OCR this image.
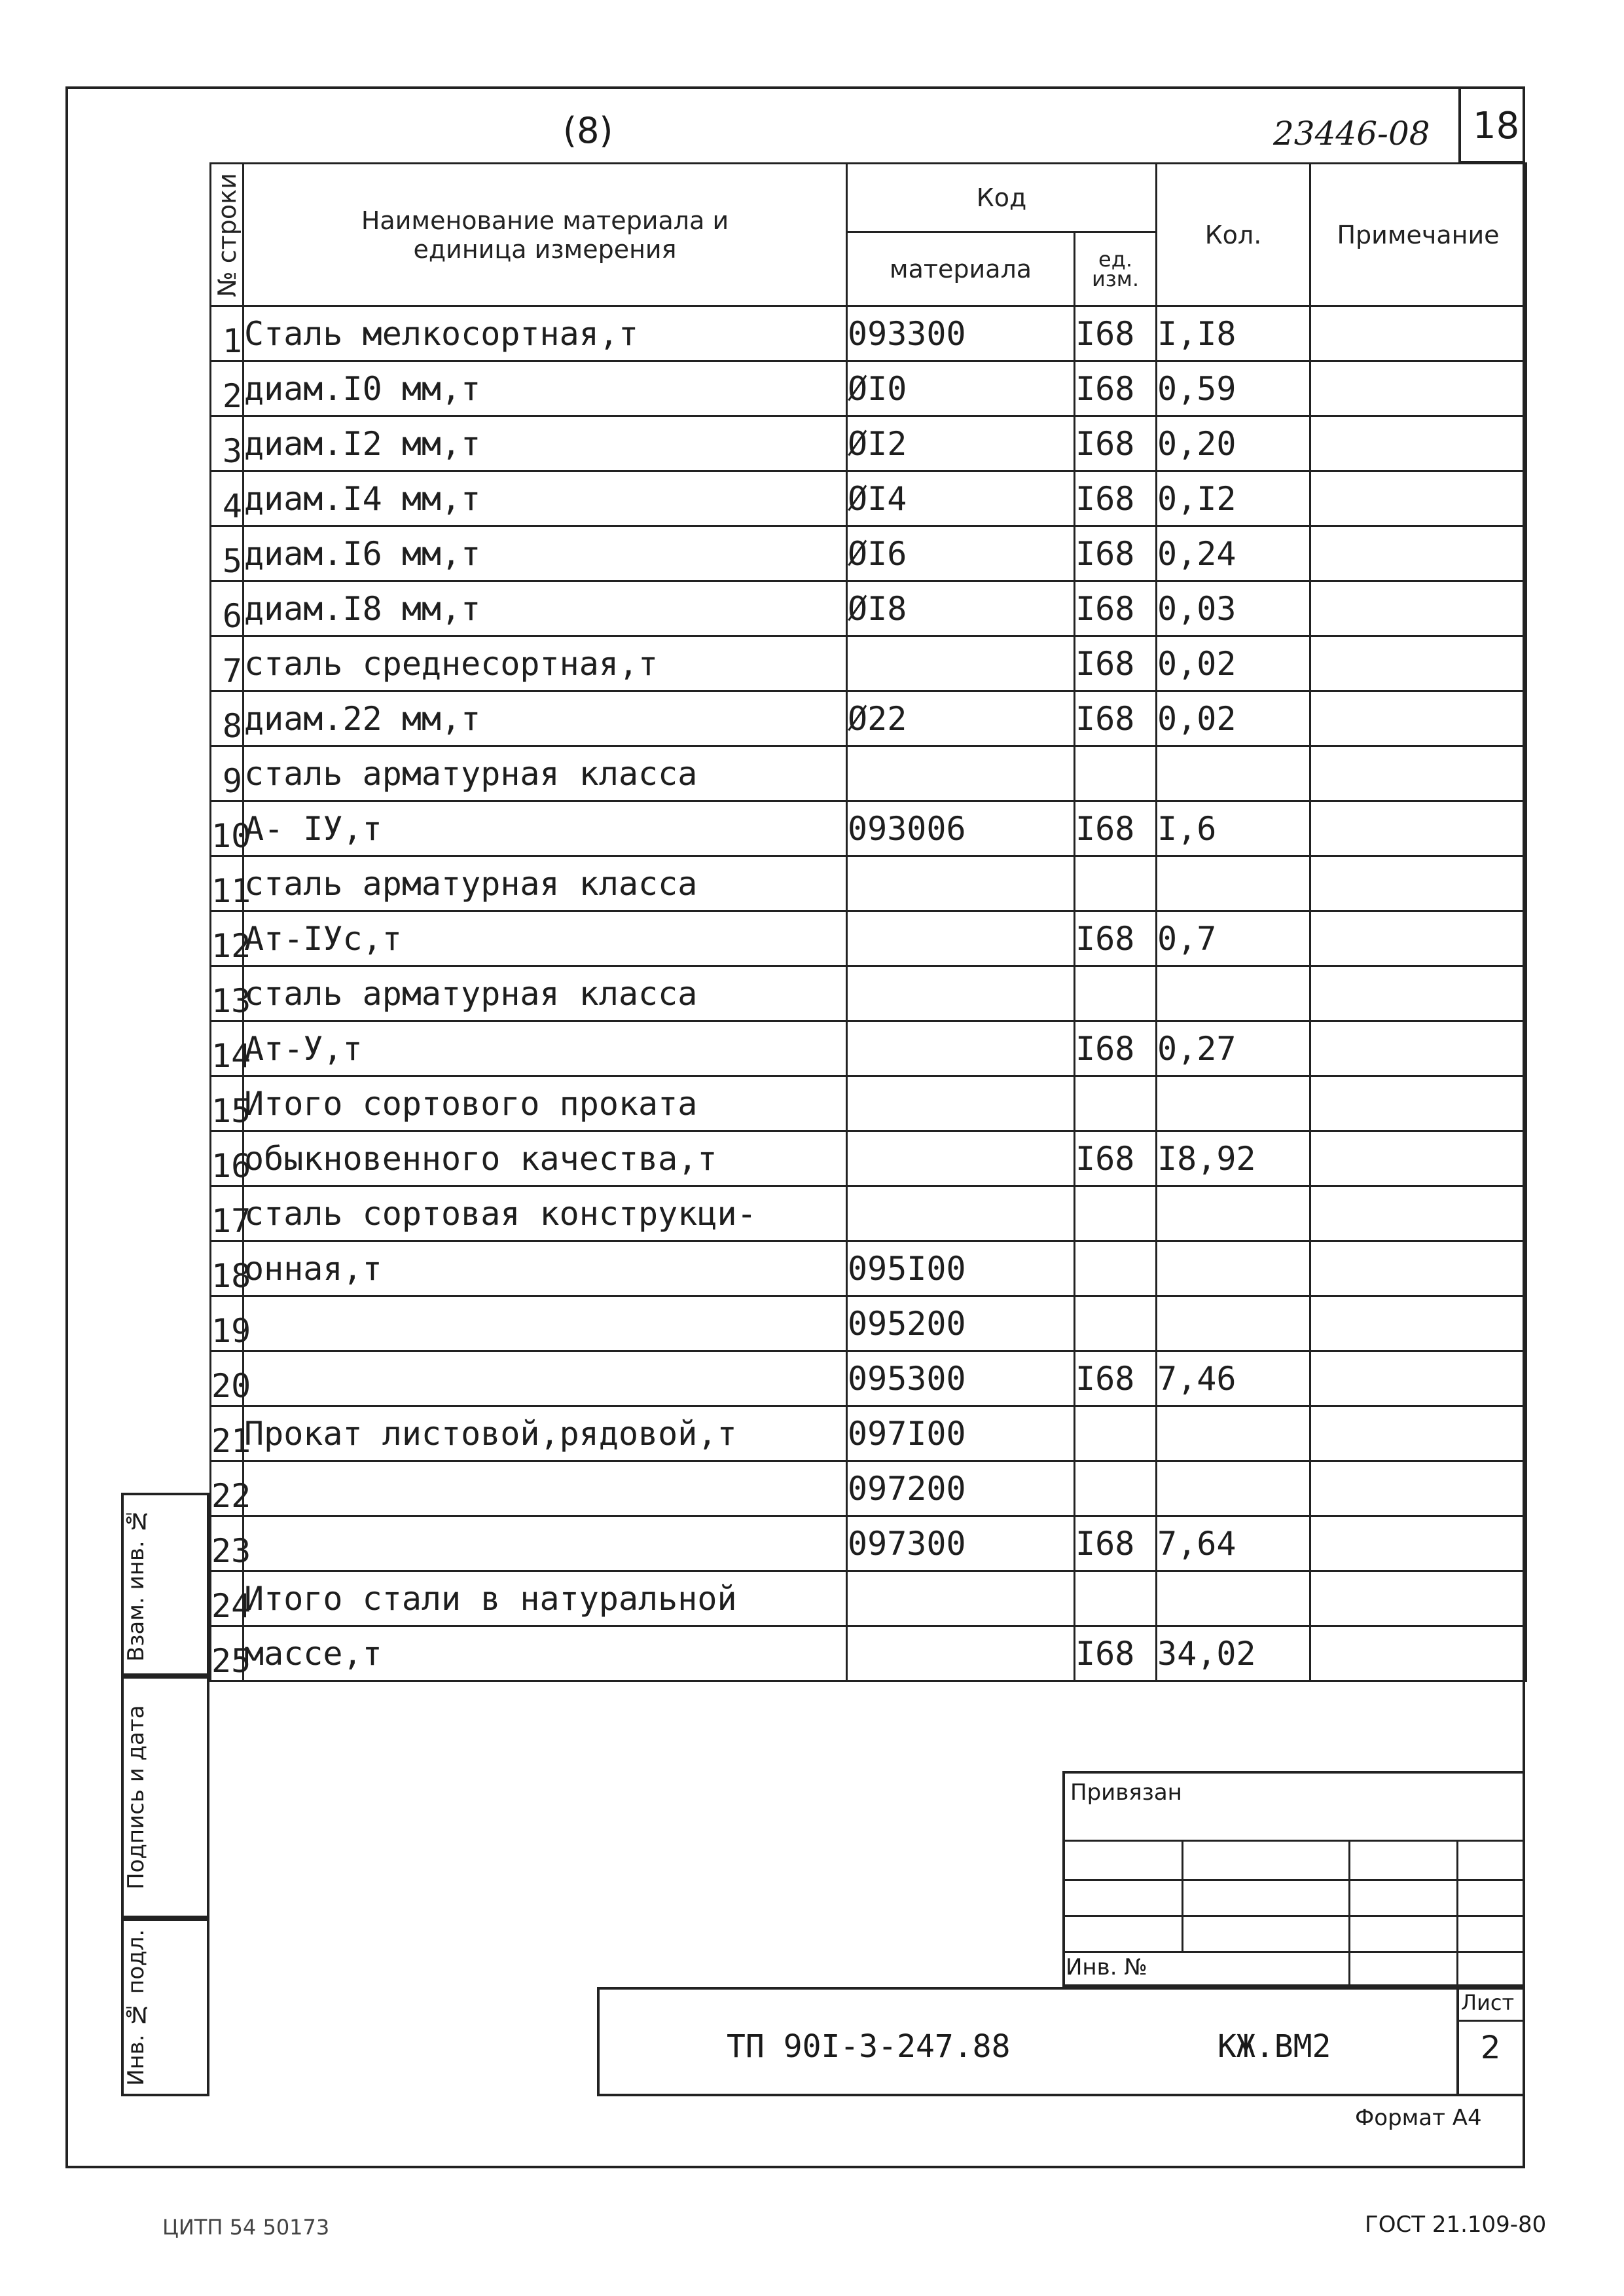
(8)	23446-08 18
№ строки	Наименование материала и единица измерения	Код		Кол.	Примечание
		материала	ед. изм.		
1	Сталь мелкосортная,т	093300	I68	I,I8	
2	диам.I0 мм,т	ØI0	I68	0,59	
3	диам.I2 мм,т	ØI2	I68	0,20	
4	диам.I4 мм,т	ØI4	I68	0,I2	
5	диам.I6 мм,т	ØI6	I68	0,24	
6	диам.I8 мм,т	ØI8	I68	0,03	
7	сталь среднесортная,т		I68	0,02	
8	диам.22 мм,т	Ø22	I68	0,02	
9	сталь арматурная класса				
10	А- IУ,т	093006	I68	I,6	
11	сталь арматурная класса				
12	Ат-IУс,т		I68	0,7	
13	сталь арматурная класса				
14	Ат-У,т		I68	0,27	
15	Итого сортового проката				
16	обыкновенного качества,т		I68	I8,92	
17	сталь сортовая конструкци-				
18	онная,т	095I00			
19		095200			
20		095300	I68	7,46	
21	Прокат листовой,рядовой,т	097I00			
22		097200			
23		097300	I68	7,64	
24	Итого стали в натуральной				
25	массе,т		I68	34,02	
Взам. инв. №
Подпись и дата
Инв. № подл.
Привязан
Инв. №
Лист
2
ТП 90I-3-247.88	КЖ.ВМ2
Формат А4
ЦИТП 54 50173	ГОСТ 21.109-80
